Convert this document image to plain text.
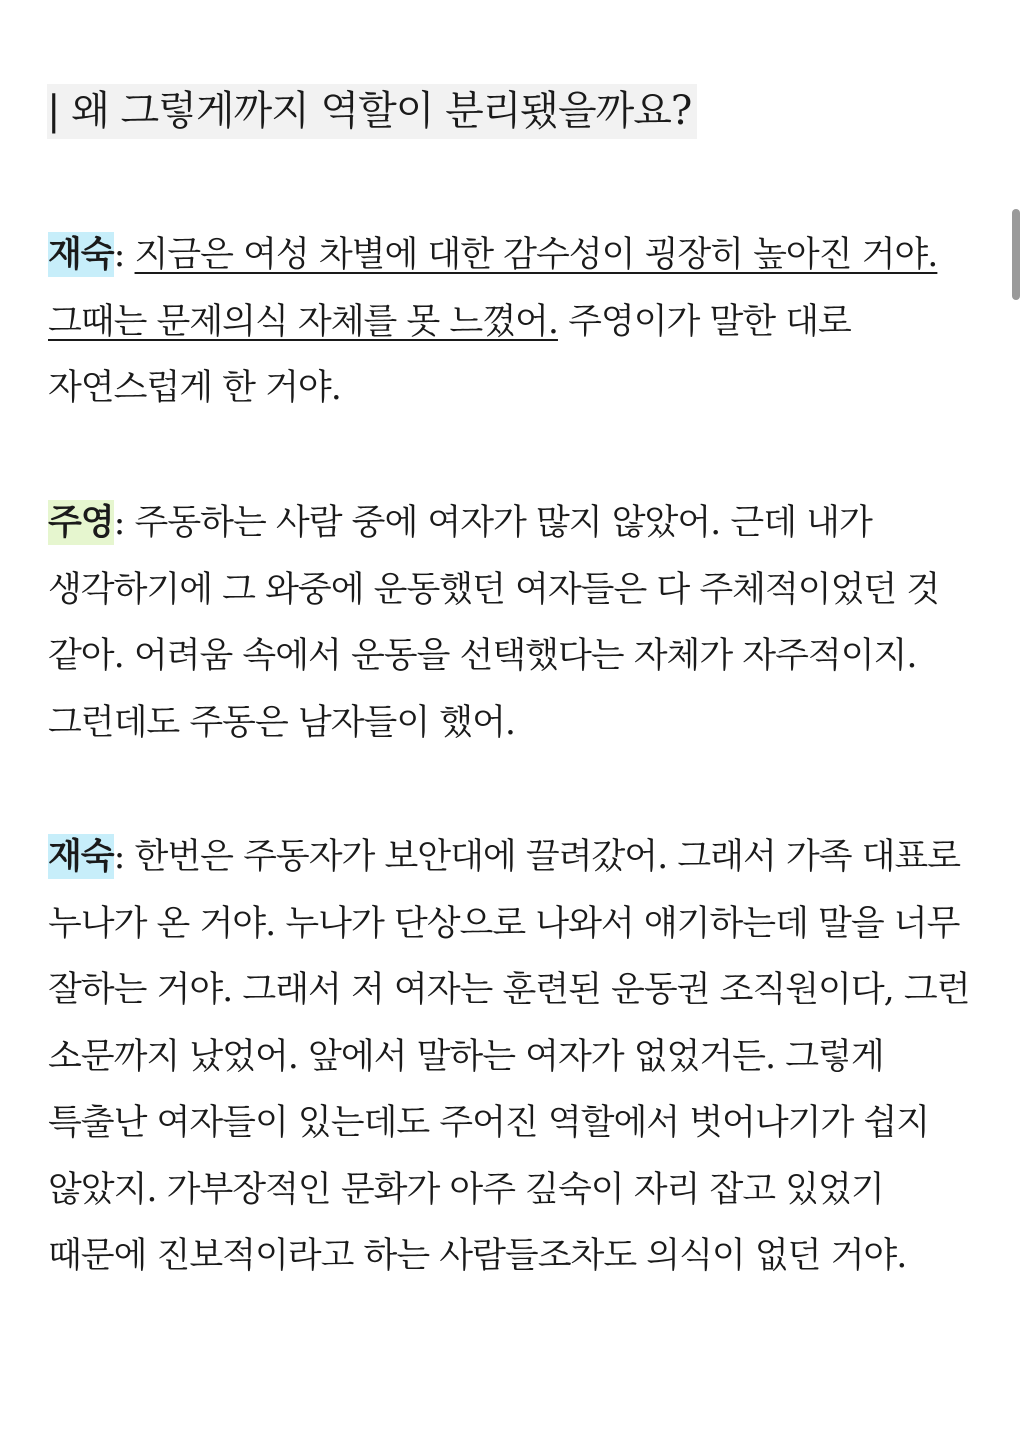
| 왜 그렇게까지 역할이 분리됐을까요?
재숙: 지금은 여성 차별에 대한 감수성이 굉장히 높아진 거야. 그때는 문제의식 자체를 못 느꼈어. 주영이가 말한 대로 자연스럽게 한 거야.
주영: 주동하는 사람 중에 여자가 많지 않았어. 근데 내가 생각하기에 그 와중에 운동했던 여자들은 다 주체적이었던 것 같아. 어려움 속에서 운동을 선택했다는 자체가 자주적이지. 그런데도 주동은 남자들이 했어.
재숙: 한번은 주동자가 보안대에 끌려갔어. 그래서 가족 대표로 누나가 온 거야. 누나가 단상으로 나와서 얘기하는데 말을 너무 잘하는 거야. 그래서 저 여자는 훈련된 운동권 조직원이다, 그런 소문까지 났었어. 앞에서 말하는 여자가 없었거든. 그렇게 특출난 여자들이 있는데도 주어진 역할에서 벗어나기가 쉽지 않았지. 가부장적인 문화가 아주 깊숙이 자리 잡고 있었기 때문에 진보적이라고 하는 사람들조차도 의식이 없던 거야.
